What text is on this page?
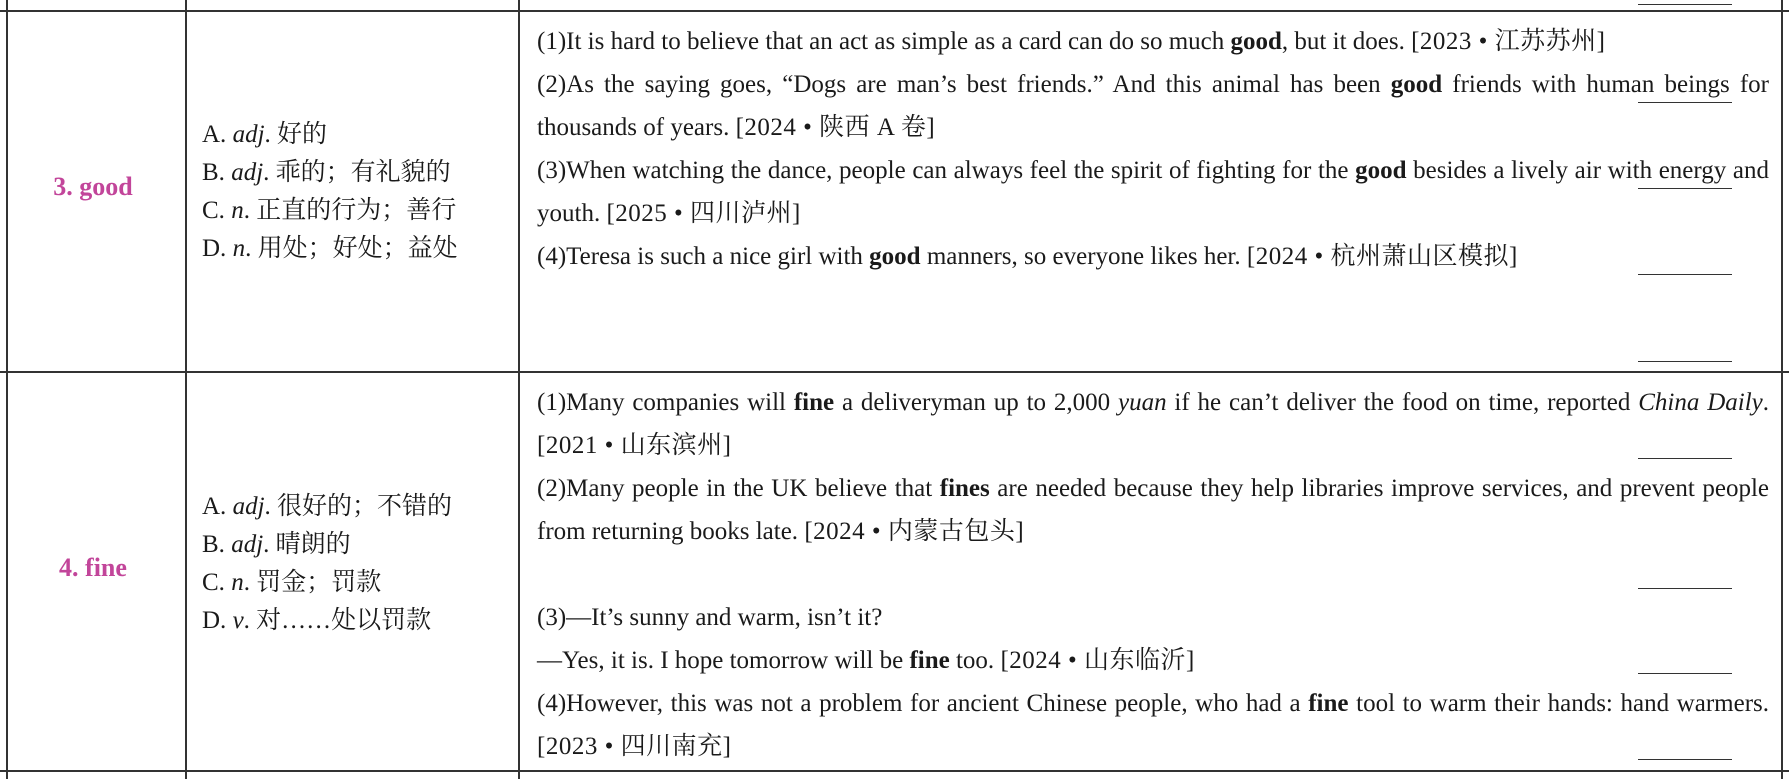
3. good
A. adj. 好的
B. adj. 乖的；有礼貌的
C. n. 正直的行为；善行
D. n. 用处；好处；益处

(1)It is hard to believe that an act as simple as a card can do so much good, but it does. [2023 • 江苏苏州]

(2)As the saying goes, “Dogs are man’s best friends.” And this animal has been good friends with human beings for thousands of years. [2024 • 陕西 A 卷]

(3)When watching the dance, people can always feel the spirit of fighting for the good besides a lively air with energy and youth. [2025 • 四川泸州]

(4)Teresa is such a nice girl with good manners, so everyone likes her. [2024 • 杭州萧山区模拟]

4. fine
A. adj. 很好的；不错的
B. adj. 晴朗的
C. n. 罚金；罚款
D. v. 对……处以罚款

(1)Many companies will fine a deliveryman up to 2,000 yuan if he can’t deliver the food on time, reported China Daily. [2021 • 山东滨州]

(2)Many people in the UK believe that fines are needed because they help libraries improve services, and prevent people from returning books late. [2024 • 内蒙古包头]

(3)—It’s sunny and warm, isn’t it?

—Yes, it is. I hope tomorrow will be fine too. [2024 • 山东临沂]

(4)However, this was not a problem for ancient Chinese people, who had a fine tool to warm their hands: hand warmers. [2023 • 四川南充]
